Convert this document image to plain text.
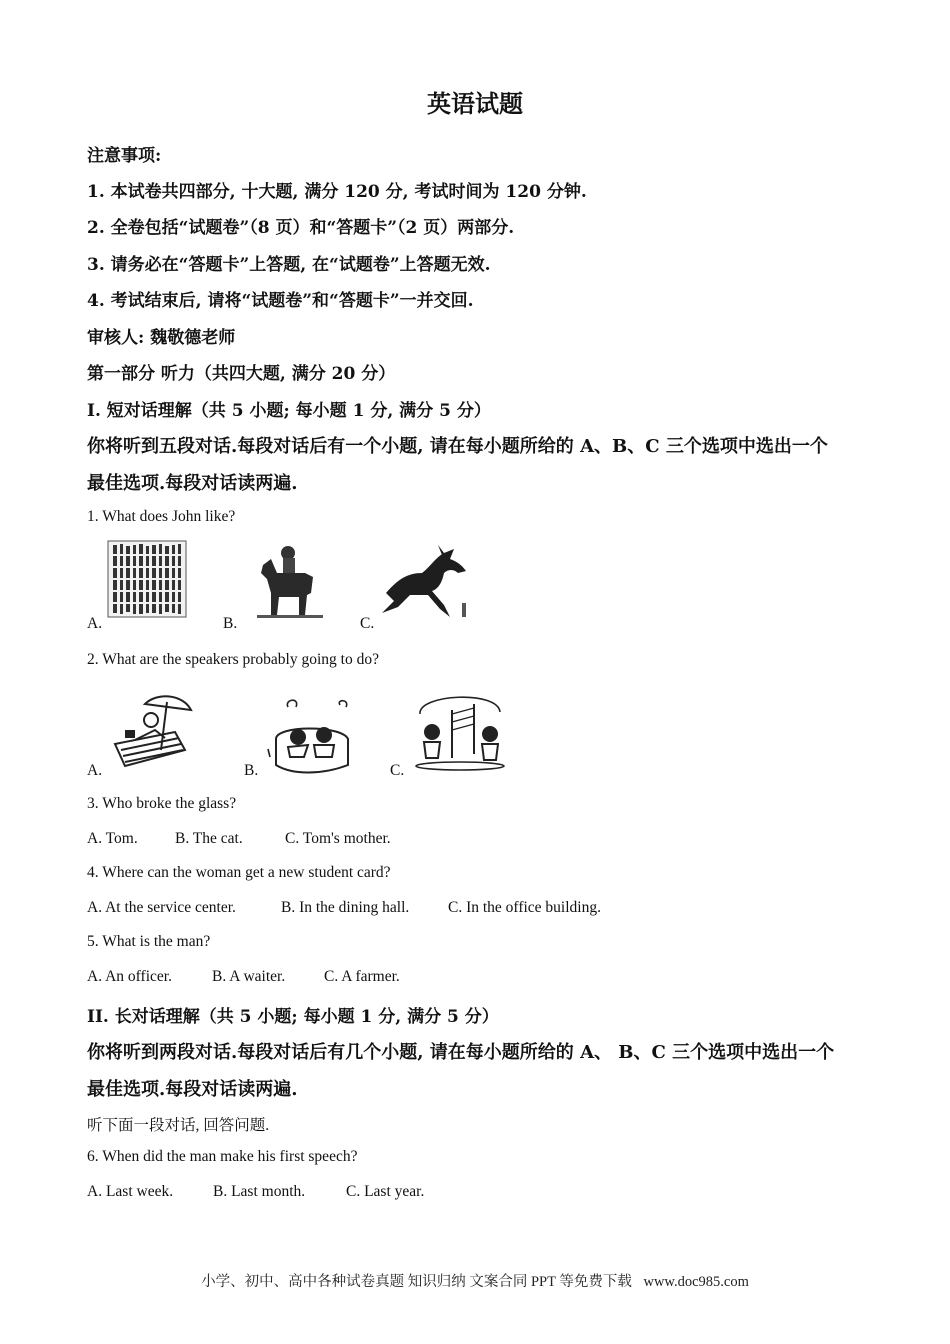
英语试题
注意事项:
1. 本试卷共四部分, 十大题, 满分 120 分, 考试时间为 120 分钟.
2. 全卷包括“试题卷”（8 页）和“答题卡”（2 页）两部分.
3. 请务必在“答题卡”上答题, 在“试题卷”上答题无效.
4. 考试结束后, 请将“试题卷”和“答题卡”一并交回.
审核人: 魏敬德老师
第一部分 听力（共四大题, 满分 20 分）
I. 短对话理解（共 5 小题; 每小题 1 分, 满分 5 分）
你将听到五段对话.每段对话后有一个小题, 请在每小题所给的 A、B、C 三个选项中选出一个
最佳选项.每段对话读两遍.
1. What does John like?
A.	B.	C.
2. What are the speakers probably going to do?
A.	B.	C.
3. Who broke the glass?
A. Tom. B. The cat.	C. Tom's mother.
4. Where can the woman get a new student card?
A. At the service center.	B. In the dining hall. C. In the office building.
5. What is the man?
A. An officer.	B. A waiter.	C. A farmer.
II. 长对话理解（共 5 小题; 每小题 1 分, 满分 5 分）
你将听到两段对话.每段对话后有几个小题, 请在每小题所给的 A、 B、C 三个选项中选出一个
最佳选项.每段对话读两遍.
听下面一段对话, 回答问题.
6. When did the man make his first speech?
A. Last week.	B. Last month.	C. Last year.
小学、初中、高中各种试卷真题 知识归纳 文案合同 PPT 等免费下载 www.doc985.com
